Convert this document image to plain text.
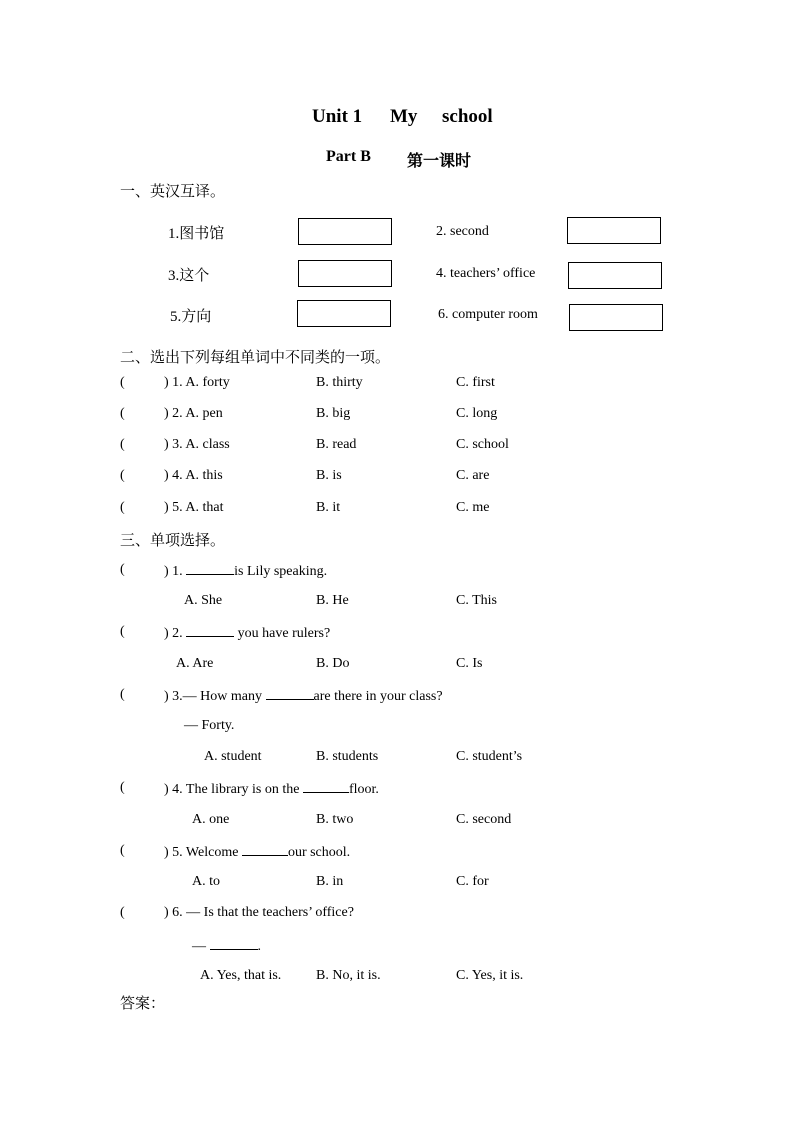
Unit 1 My school
Part B 第一课时
一、英汉互译。
1.图书馆	2. second
3.这个	4. teachers’ office
5.方向	6. computer room
二、选出下列每组单词中不同类的一项。
(	) 1. A. forty	B. thirty	C. first
(	) 2. A. pen	B. big	C. long
(	) 3. A. class	B. read	C. school
(	) 4. A. this	B. is	C. are
(	) 5. A. that	B. it	C. me
三、单项选择。
(	) 1.	is Lily speaking.
A. She	B. He	C. This
(	) 2.	you have rulers?
A. Are	B. Do	C. Is
(	) 3.— How many	are there in your class?
— Forty.
A. student	B. students	C. student’s
(	) 4. The library is on the	floor.
A. one	B. two	C. second
(	) 5. Welcome	our school.
A. to	B. in	C. for
(	) 6. — Is that the teachers’ office?
—	.
A. Yes, that is. B. No, it is.	C. Yes, it is.
答案：
